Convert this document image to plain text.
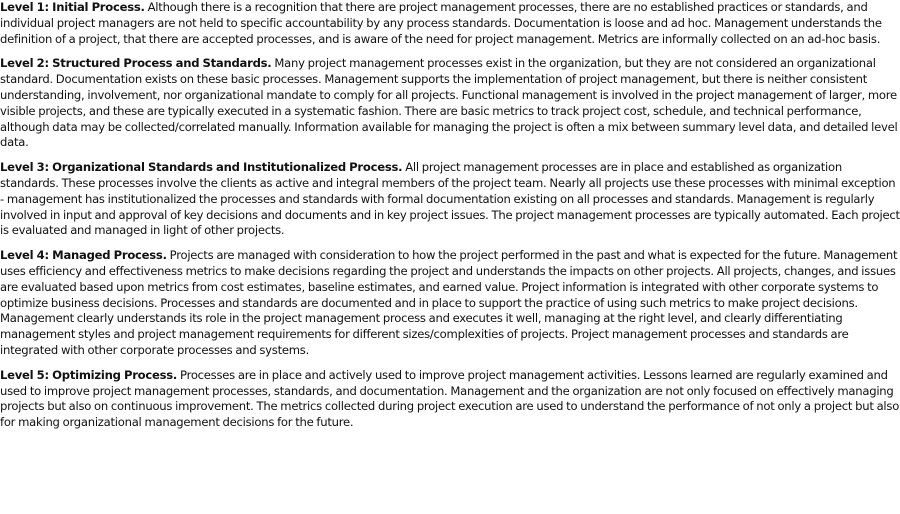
Level 1: Initial Process. Although there is a recognition that there are project management processes, there are no established practices or standards, and individual project managers are not held to specific accountability by any process standards. Documentation is loose and ad hoc. Management understands the definition of a project, that there are accepted processes, and is aware of the need for project management. Metrics are informally collected on an ad-hoc basis.

Level 2: Structured Process and Standards. Many project management processes exist in the organization, but they are not considered an organizational standard. Documentation exists on these basic processes. Management supports the implementation of project management, but there is neither consistent understanding, involvement, nor organizational mandate to comply for all projects. Functional management is involved in the project management of larger, more visible projects, and these are typically executed in a systematic fashion. There are basic metrics to track project cost, schedule, and technical performance, although data may be collected/correlated manually. Information available for managing the project is often a mix between summary level data, and detailed level data.

Level 3: Organizational Standards and Institutionalized Process. All project management processes are in place and established as organization standards. These processes involve the clients as active and integral members of the project team. Nearly all projects use these processes with minimal exception - management has institutionalized the processes and standards with formal documentation existing on all processes and standards. Management is regularly involved in input and approval of key decisions and documents and in key project issues. The project management processes are typically automated. Each project is evaluated and managed in light of other projects.

Level 4: Managed Process. Projects are managed with consideration to how the project performed in the past and what is expected for the future. Management uses efficiency and effectiveness metrics to make decisions regarding the project and understands the impacts on other projects. All projects, changes, and issues are evaluated based upon metrics from cost estimates, baseline estimates, and earned value. Project information is integrated with other corporate systems to optimize business decisions. Processes and standards are documented and in place to support the practice of using such metrics to make project decisions. Management clearly understands its role in the project management process and executes it well, managing at the right level, and clearly differentiating management styles and project management requirements for different sizes/complexities of projects. Project management processes and standards are integrated with other corporate processes and systems.

Level 5: Optimizing Process. Processes are in place and actively used to improve project management activities. Lessons learned are regularly examined and used to improve project management processes, standards, and documentation. Management and the organization are not only focused on effectively managing projects but also on continuous improvement. The metrics collected during project execution are used to understand the performance of not only a project but also for making organizational management decisions for the future.
